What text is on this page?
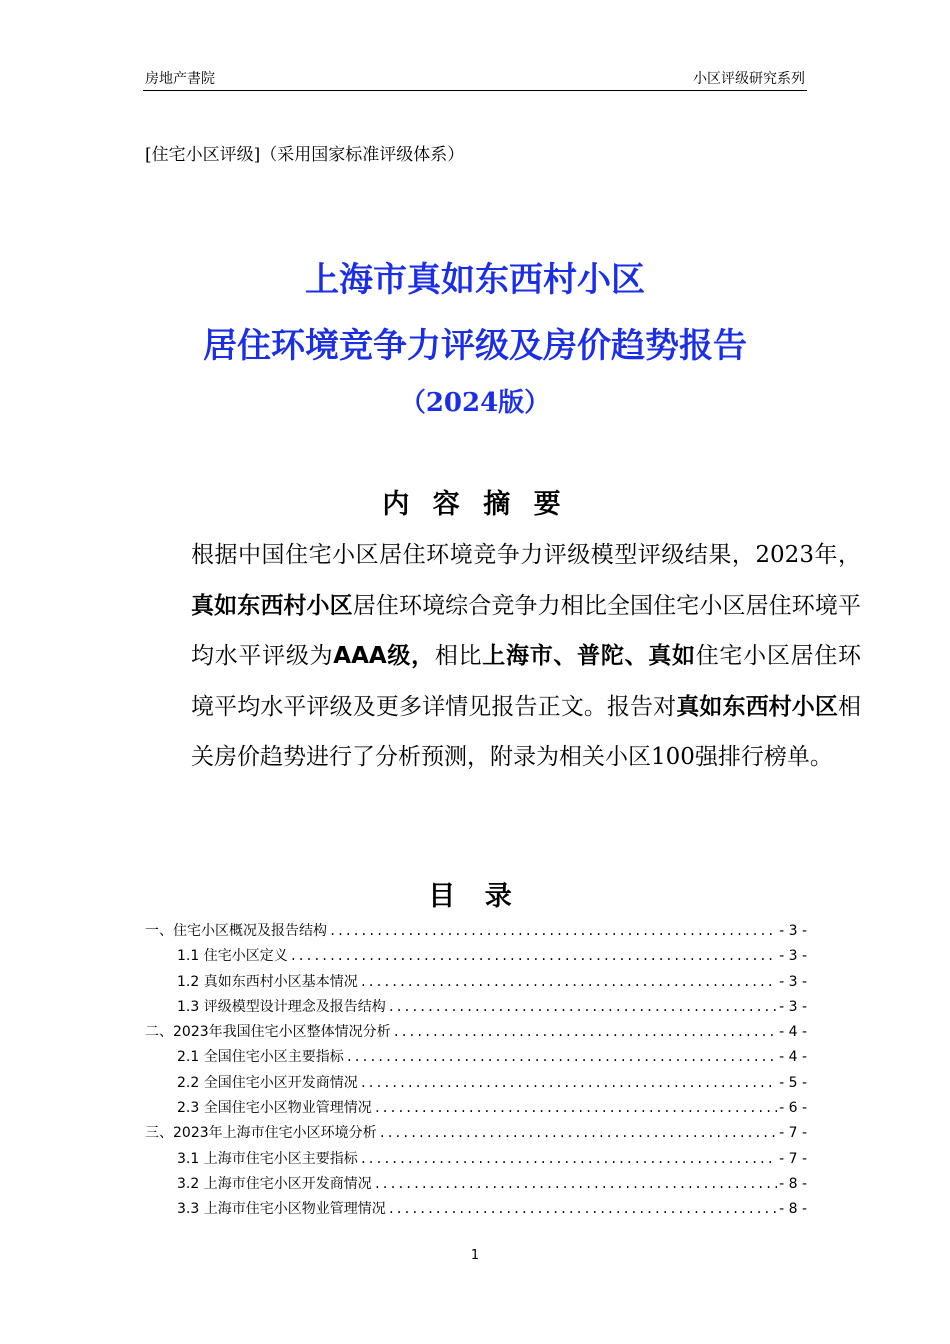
房地产書院	小区评级研究系列
[住宅小区评级]（采用国家标准评级体系）
上海市真如东西村小区
居住环境竞争力评级及房价趋势报告
（2024版）
内 容 摘 要
根据中国住宅小区居住环境竞争力评级模型评级结果，2023年，真如东西村小区居住环境综合竞争力相比全国住宅小区居住环境平均水平评级为AAA级，相比上海市、普陀、真如住宅小区居住环境平均水平评级及更多详情见报告正文。报告对真如东西村小区相关房价趋势进行了分析预测，附录为相关小区100强排行榜单。
目 录
一、住宅小区概况及报告结构 .....	- 3 -
1.1 住宅小区定义 .....	- 3 -
1.2 真如东西村小区基本情况 .....	- 3 -
1.3 评级模型设计理念及报告结构 .....	- 3 -
二、2023年我国住宅小区整体情况分析 .....	- 4 -
2.1 全国住宅小区主要指标 .....	- 4 -
2.2 全国住宅小区开发商情况 .....	- 5 -
2.3 全国住宅小区物业管理情况 .....	- 6 -
三、2023年上海市住宅小区环境分析 .....	- 7 -
3.1 上海市住宅小区主要指标 .....	- 7 -
3.2 上海市住宅小区开发商情况 .....	- 8 -
3.3 上海市住宅小区物业管理情况 .....	- 8 -
1
